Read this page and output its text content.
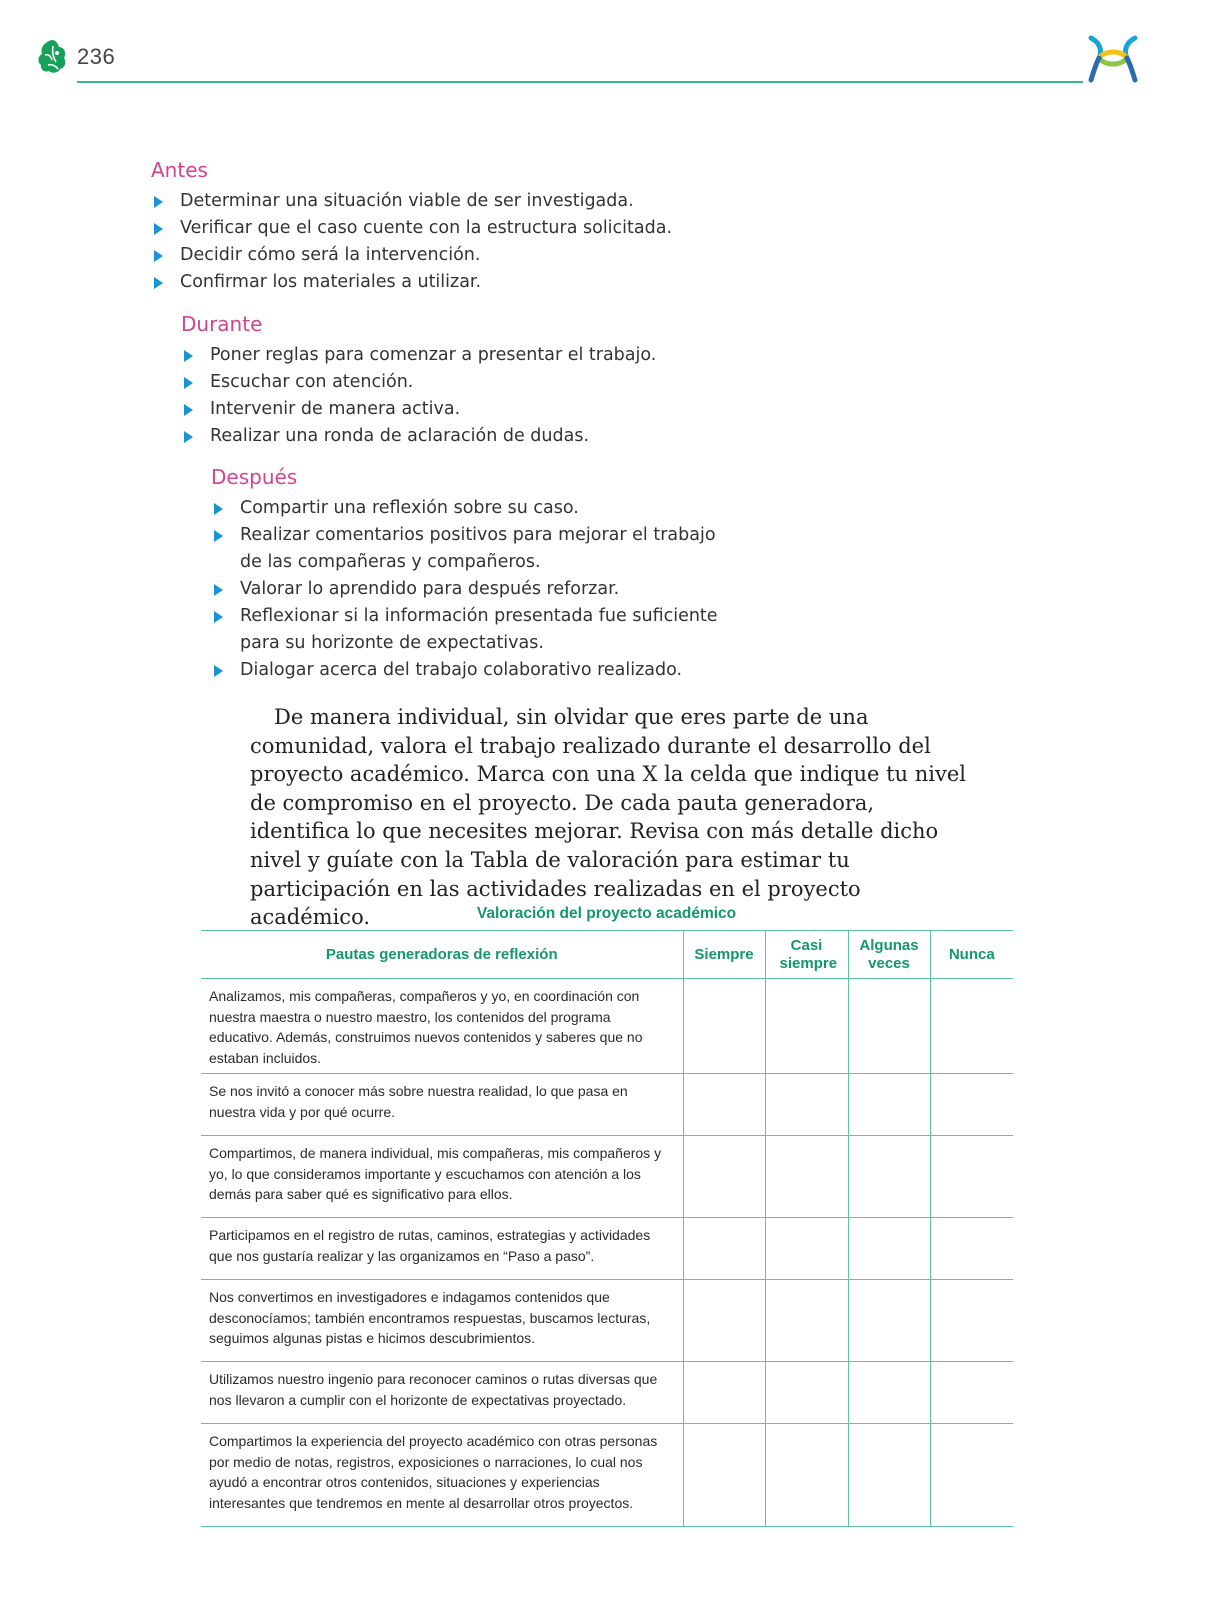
236
Antes
Determinar una situación viable de ser investigada.
Verificar que el caso cuente con la estructura solicitada.
Decidir cómo será la intervención.
Confirmar los materiales a utilizar.
Durante
Poner reglas para comenzar a presentar el trabajo.
Escuchar con atención.
Intervenir de manera activa.
Realizar una ronda de aclaración de dudas.
Después
Compartir una reflexión sobre su caso.
Realizar comentarios positivos para mejorar el trabajo de las compañeras y compañeros.
Valorar lo aprendido para después reforzar.
Reflexionar si la información presentada fue suficiente para su horizonte de expectativas.
Dialogar acerca del trabajo colaborativo realizado.

De manera individual, sin olvidar que eres parte de una comunidad, valora el trabajo realizado durante el desarrollo del proyecto académico. Marca con una X la celda que indique tu nivel de compromiso en el proyecto. De cada pauta generadora, identifica lo que necesites mejorar. Revisa con más detalle dicho nivel y guíate con la Tabla de valoración para estimar tu participación en las actividades realizadas en el proyecto académico.	Valoración del proyecto académico
Pautas generadoras de reflexión	Siempre	Casi siempre	Algunas veces	Nunca
Analizamos, mis compañeras, compañeros y yo, en coordinación con nuestra maestra o nuestro maestro, los contenidos del programa educativo. Además, construimos nuevos contenidos y saberes que no estaban incluidos.				
Se nos invitó a conocer más sobre nuestra realidad, lo que pasa en nuestra vida y por qué ocurre.				
Compartimos, de manera individual, mis compañeras, mis compañeros y yo, lo que consideramos importante y escuchamos con atención a los demás para saber qué es significativo para ellos.				
Participamos en el registro de rutas, caminos, estrategias y actividades que nos gustaría realizar y las organizamos en “Paso a paso”.				
Nos convertimos en investigadores e indagamos contenidos que desconocíamos; también encontramos respuestas, buscamos lecturas, seguimos algunas pistas e hicimos descubrimientos.				
Utilizamos nuestro ingenio para reconocer caminos o rutas diversas que nos llevaron a cumplir con el horizonte de expectativas proyectado.				
Compartimos la experiencia del proyecto académico con otras personas por medio de notas, registros, exposiciones o narraciones, lo cual nos ayudó a encontrar otros contenidos, situaciones y experiencias interesantes que tendremos en mente al desarrollar otros proyectos.				
